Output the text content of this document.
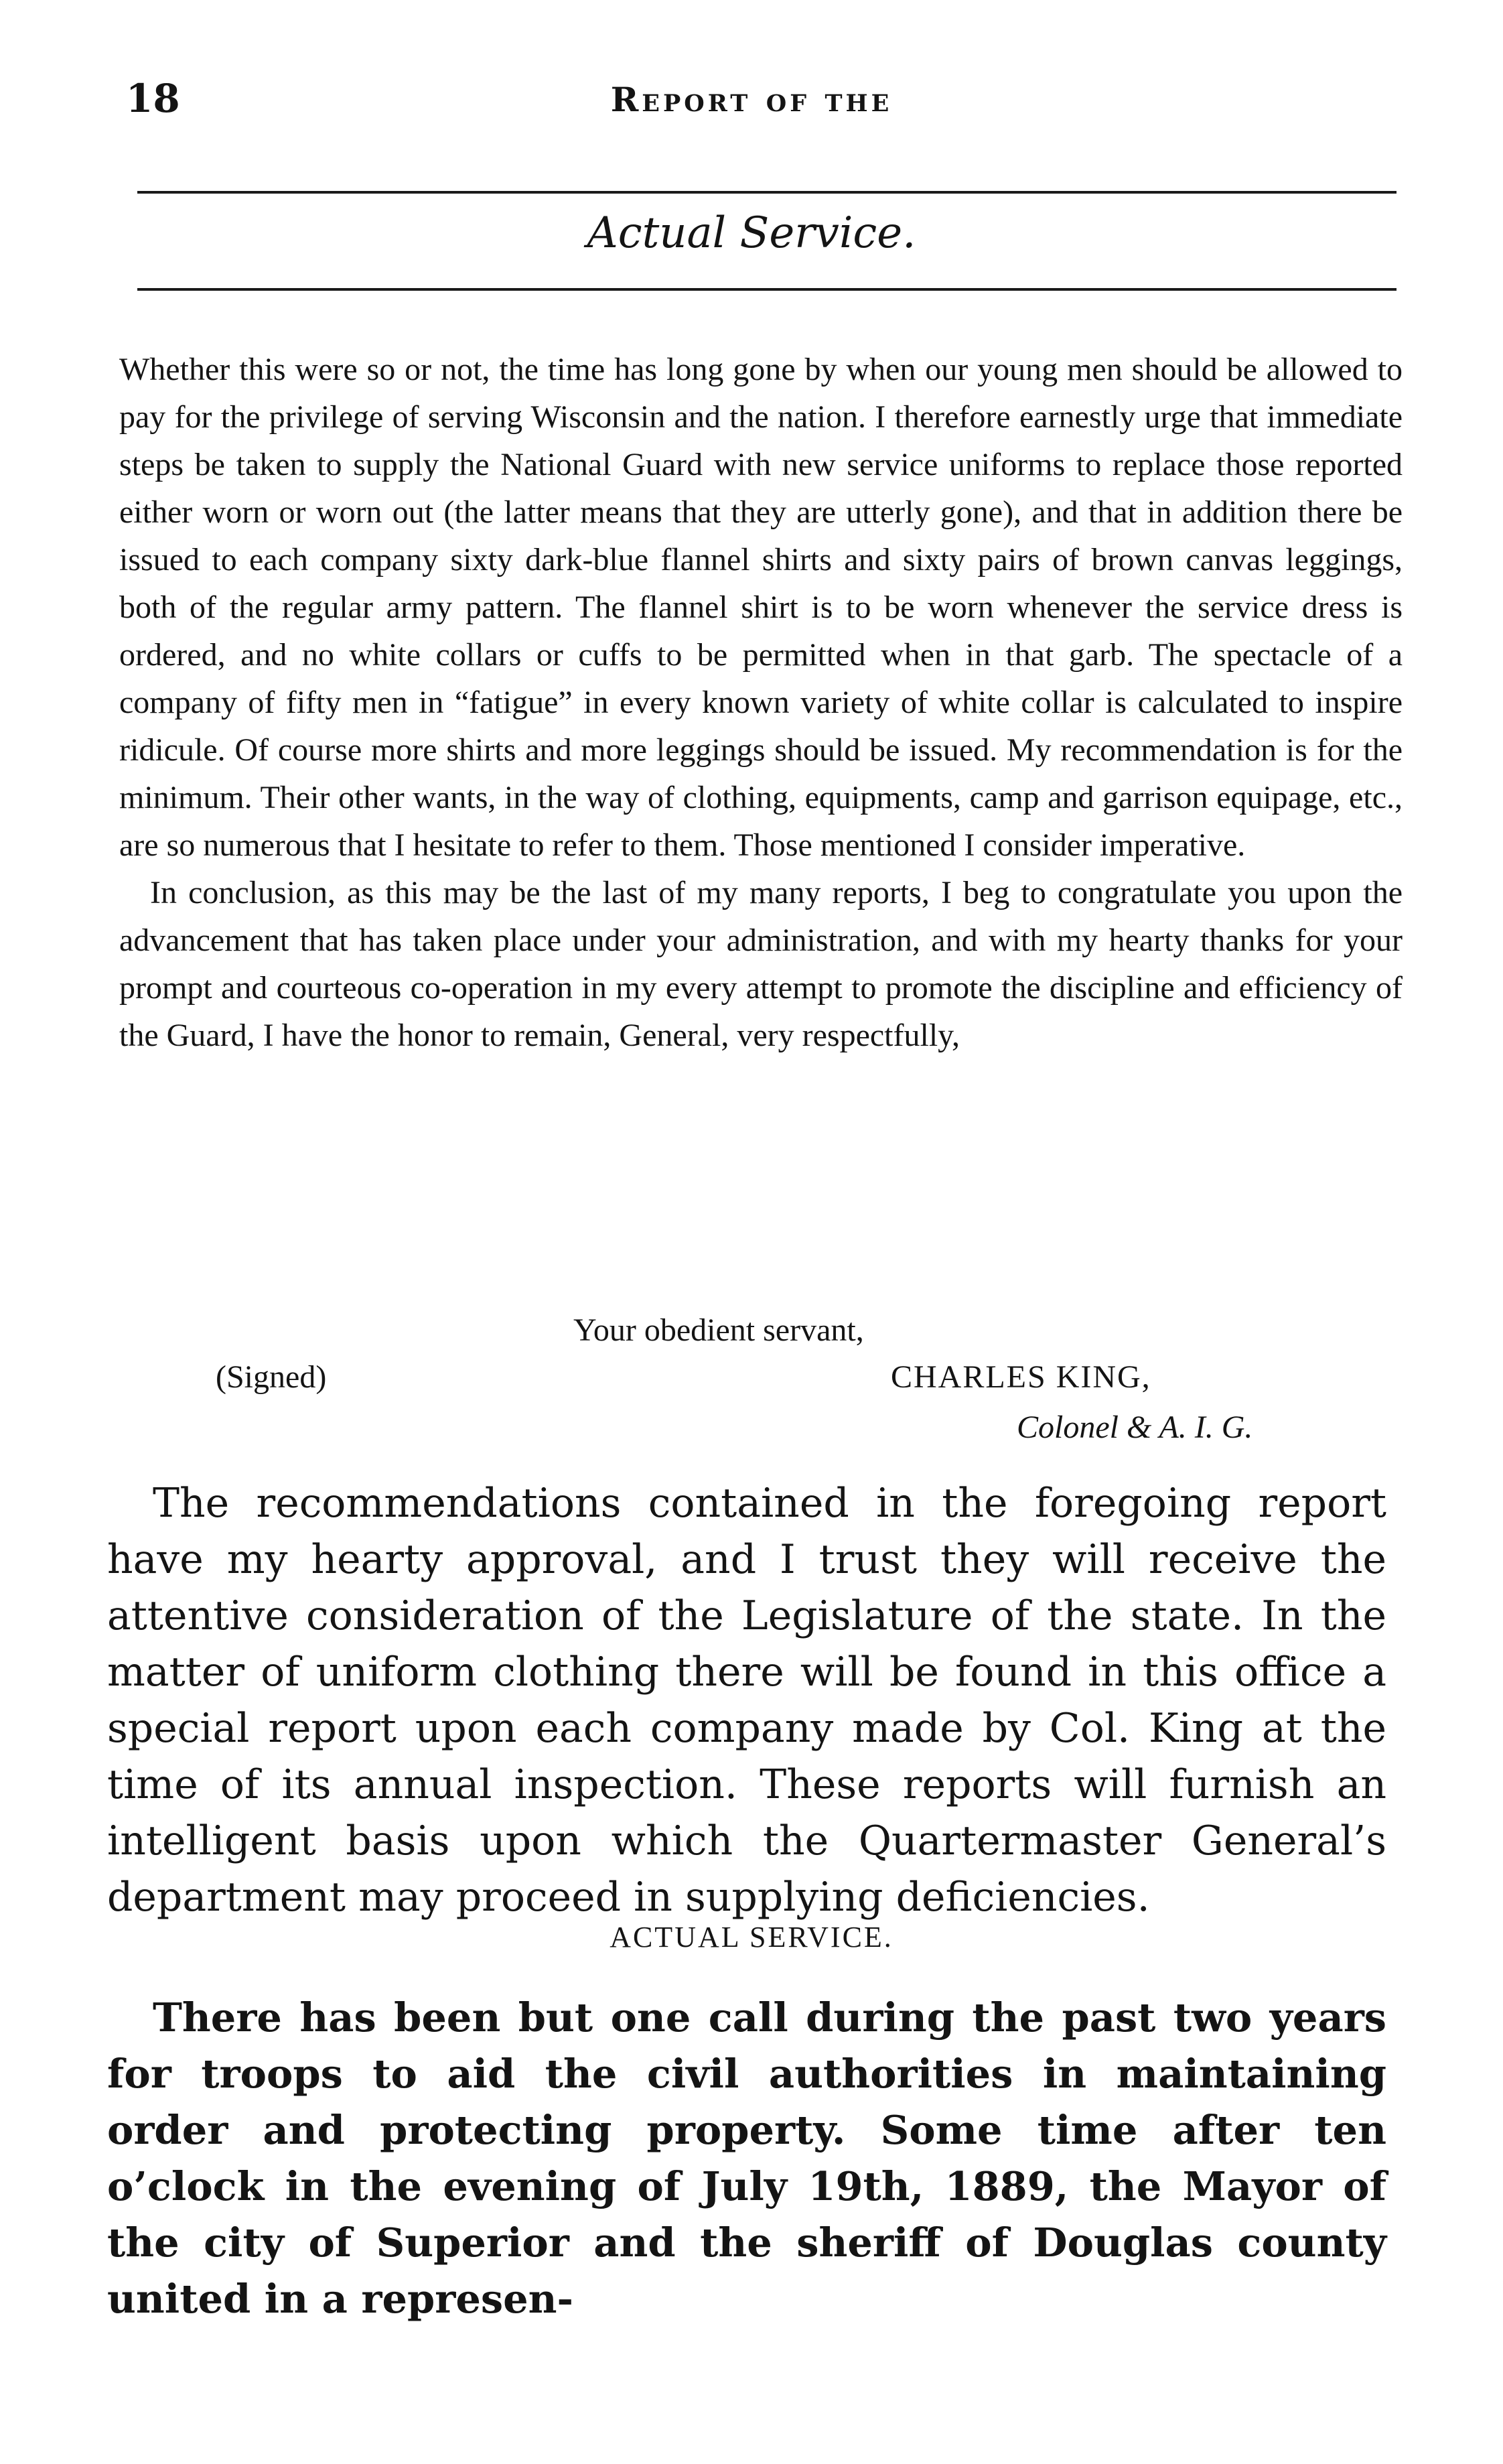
18	Report of the
Actual Service.

Whether this were so or not, the time has long gone by when our young men should be allowed to pay for the privilege of serving Wisconsin and the nation. I therefore earnestly urge that immediate steps be taken to supply the National Guard with new service uniforms to replace those reported either worn or worn out (the latter means that they are utterly gone), and that in addition there be issued to each company sixty dark-blue flannel shirts and sixty pairs of brown canvas leggings, both of the regular army pattern. The flannel shirt is to be worn whenever the service dress is ordered, and no white collars or cuffs to be permitted when in that garb. The spectacle of a company of fifty men in “fatigue” in every known variety of white collar is calculated to inspire ridicule. Of course more shirts and more leggings should be issued. My recommendation is for the minimum. Their other wants, in the way of clothing, equipments, camp and garrison equipage, etc., are so numerous that I hesitate to refer to them. Those mentioned I consider imperative.

In conclusion, as this may be the last of my many reports, I beg to congratulate you upon the advancement that has taken place under your administration, and with my hearty thanks for your prompt and courteous co-operation in my every attempt to promote the discipline and efficiency of the Guard, I have the honor to remain, General, very respectfully,

Your obedient servant,
(Signed)	CHARLES KING,
Colonel & A. I. G.

The recommendations contained in the foregoing report have my hearty approval, and I trust they will receive the attentive consideration of the Legislature of the state. In the matter of uniform clothing there will be found in this office a special report upon each company made by Col. King at the time of its annual inspection. These reports will furnish an intelligent basis upon which the Quartermaster General’s department may proceed in supplying deficiencies.

ACTUAL SERVICE.

There has been but one call during the past two years for troops to aid the civil authorities in maintaining order and protecting property. Some time after ten o’clock in the evening of July 19th, 1889, the Mayor of the city of Superior and the sheriff of Douglas county united in a represen-
